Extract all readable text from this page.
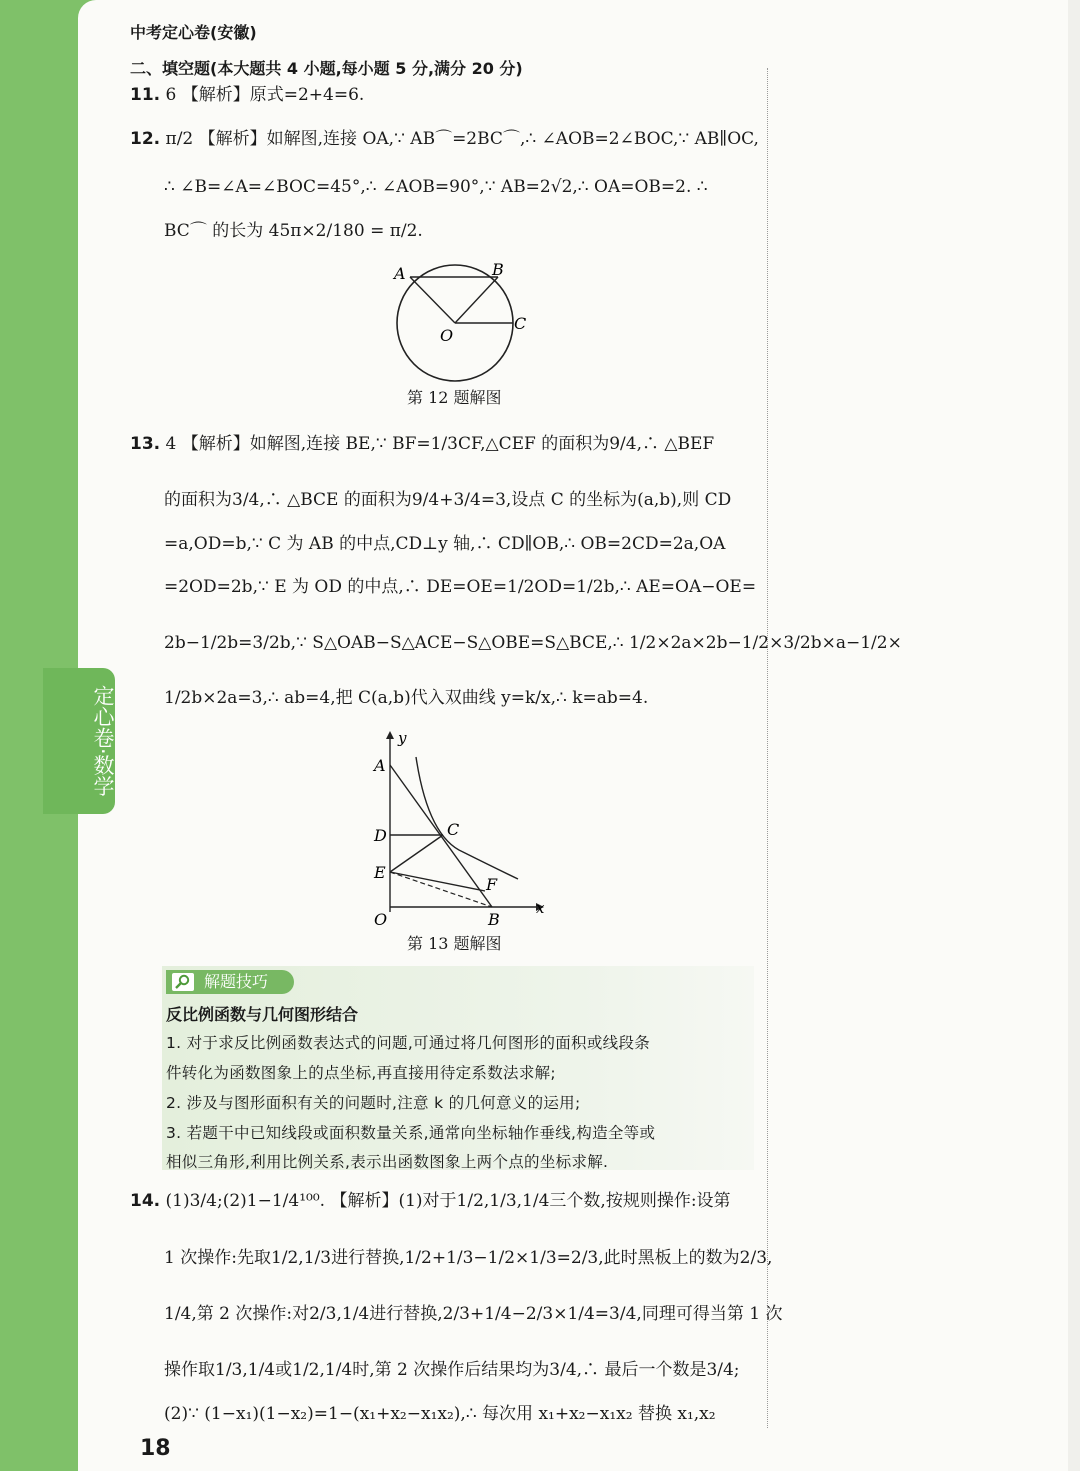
定心卷·数学
中考定心卷(安徽)
二、填空题(本大题共 4 小题,每小题 5 分,满分 20 分)
11. 6 【解析】原式=2+4=6.
12. π/2 【解析】如解图,连接 OA,∵ AB⌒=2BC⌒,∴ ∠AOB=2∠BOC,∵ AB∥OC,
∴ ∠B=∠A=∠BOC=45°,∴ ∠AOB=90°,∵ AB=2√2,∴ OA=OB=2. ∴
BC⌒ 的长为 45π×2/180 = π/2.
A	B
C
O
第 12 题解图
13. 4 【解析】如解图,连接 BE,∵ BF=1/3CF,△CEF 的面积为9/4,∴ △BEF
的面积为3/4,∴ △BCE 的面积为9/4+3/4=3,设点 C 的坐标为(a,b),则 CD
=a,OD=b,∵ C 为 AB 的中点,CD⊥y 轴,∴ CD∥OB,∴ OB=2CD=2a,OA
=2OD=2b,∵ E 为 OD 的中点,∴ DE=OE=1/2OD=1/2b,∴ AE=OA−OE=
2b−1/2b=3/2b,∵ S△OAB−S△ACE−S△OBE=S△BCE,∴ 1/2×2a×2b−1/2×3/2b×a−1/2×
1/2b×2a=3,∴ ab=4,把 C(a,b)代入双曲线 y=k/x,∴ k=ab=4.
y
x
A
D	C
E
F
O	B
第 13 题解图
解题技巧
反比例函数与几何图形结合
1. 对于求反比例函数表达式的问题,可通过将几何图形的面积或线段条
件转化为函数图象上的点坐标,再直接用待定系数法求解;
2. 涉及与图形面积有关的问题时,注意 k 的几何意义的运用;
3. 若题干中已知线段或面积数量关系,通常向坐标轴作垂线,构造全等或
相似三角形,利用比例关系,表示出函数图象上两个点的坐标求解.
14. (1)3/4;(2)1−1/4¹⁰⁰. 【解析】(1)对于1/2,1/3,1/4三个数,按规则操作:设第
1 次操作:先取1/2,1/3进行替换,1/2+1/3−1/2×1/3=2/3,此时黑板上的数为2/3,
1/4,第 2 次操作:对2/3,1/4进行替换,2/3+1/4−2/3×1/4=3/4,同理可得当第 1 次
操作取1/3,1/4或1/2,1/4时,第 2 次操作后结果均为3/4,∴ 最后一个数是3/4;
(2)∵ (1−x₁)(1−x₂)=1−(x₁+x₂−x₁x₂),∴ 每次用 x₁+x₂−x₁x₂ 替换 x₁,x₂
18
